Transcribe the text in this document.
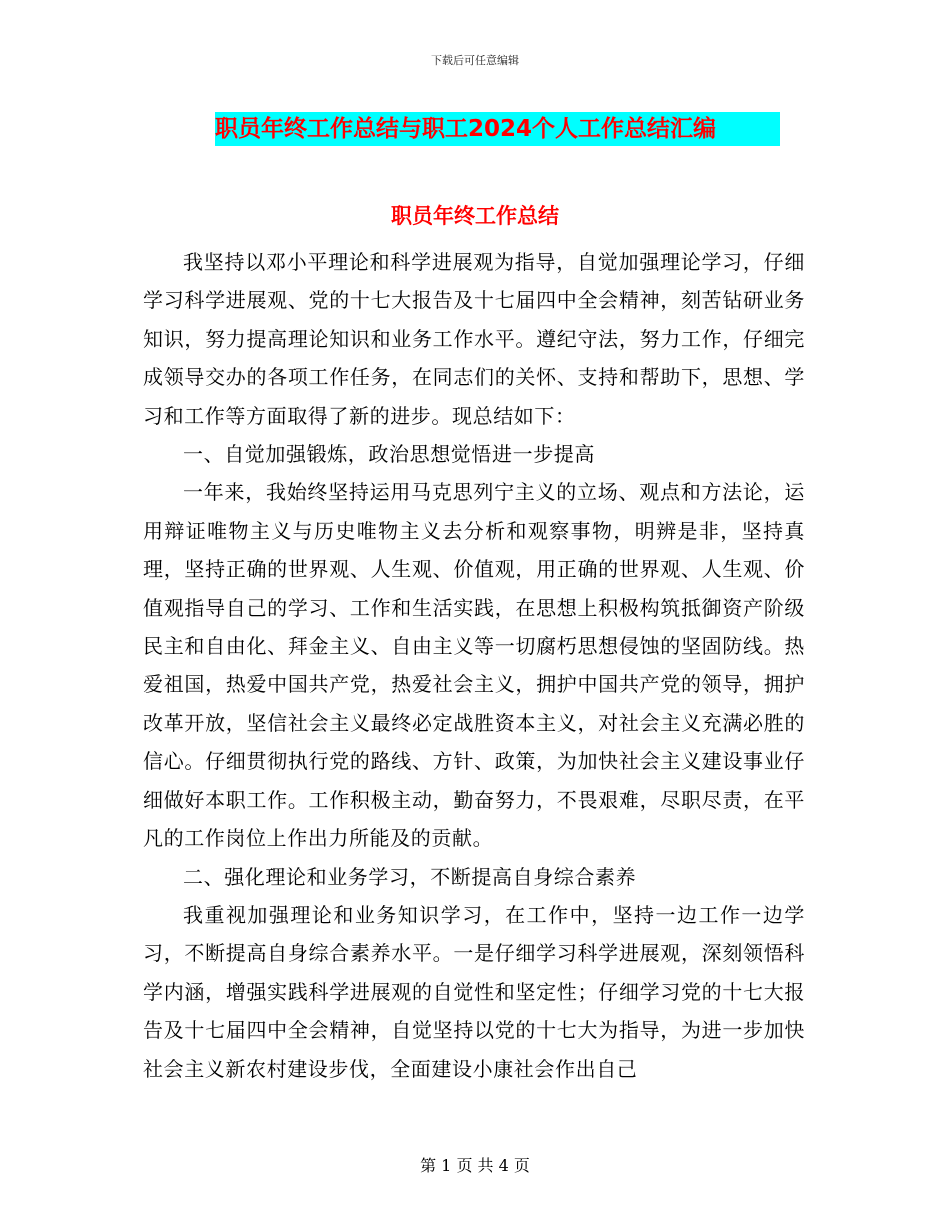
下载后可任意编辑
职员年终工作总结与职工2024个人工作总结汇编
职员年终工作总结

我坚持以邓小平理论和科学进展观为指导，自觉加强理论学习，仔细学习科学进展观、党的十七大报告及十七届四中全会精神，刻苦钻研业务知识，努力提高理论知识和业务工作水平。遵纪守法，努力工作，仔细完成领导交办的各项工作任务，在同志们的关怀、支持和帮助下，思想、学习和工作等方面取得了新的进步。现总结如下：

一、自觉加强锻炼，政治思想觉悟进一步提高

一年来，我始终坚持运用马克思列宁主义的立场、观点和方法论，运用辩证唯物主义与历史唯物主义去分析和观察事物，明辨是非，坚持真理，坚持正确的世界观、人生观、价值观，用正确的世界观、人生观、价值观指导自己的学习、工作和生活实践，在思想上积极构筑抵御资产阶级民主和自由化、拜金主义、自由主义等一切腐朽思想侵蚀的坚固防线。热爱祖国，热爱中国共产党，热爱社会主义，拥护中国共产党的领导，拥护改革开放，坚信社会主义最终必定战胜资本主义，对社会主义充满必胜的信心。仔细贯彻执行党的路线、方针、政策，为加快社会主义建设事业仔细做好本职工作。工作积极主动，勤奋努力，不畏艰难，尽职尽责，在平凡的工作岗位上作出力所能及的贡献。

二、强化理论和业务学习，不断提高自身综合素养

我重视加强理论和业务知识学习，在工作中，坚持一边工作一边学习，不断提高自身综合素养水平。一是仔细学习科学进展观，深刻领悟科学内涵，增强实践科学进展观的自觉性和坚定性；仔细学习党的十七大报告及十七届四中全会精神，自觉坚持以党的十七大为指导，为进一步加快社会主义新农村建设步伐，全面建设小康社会作出自己

第 1 页 共 4 页
